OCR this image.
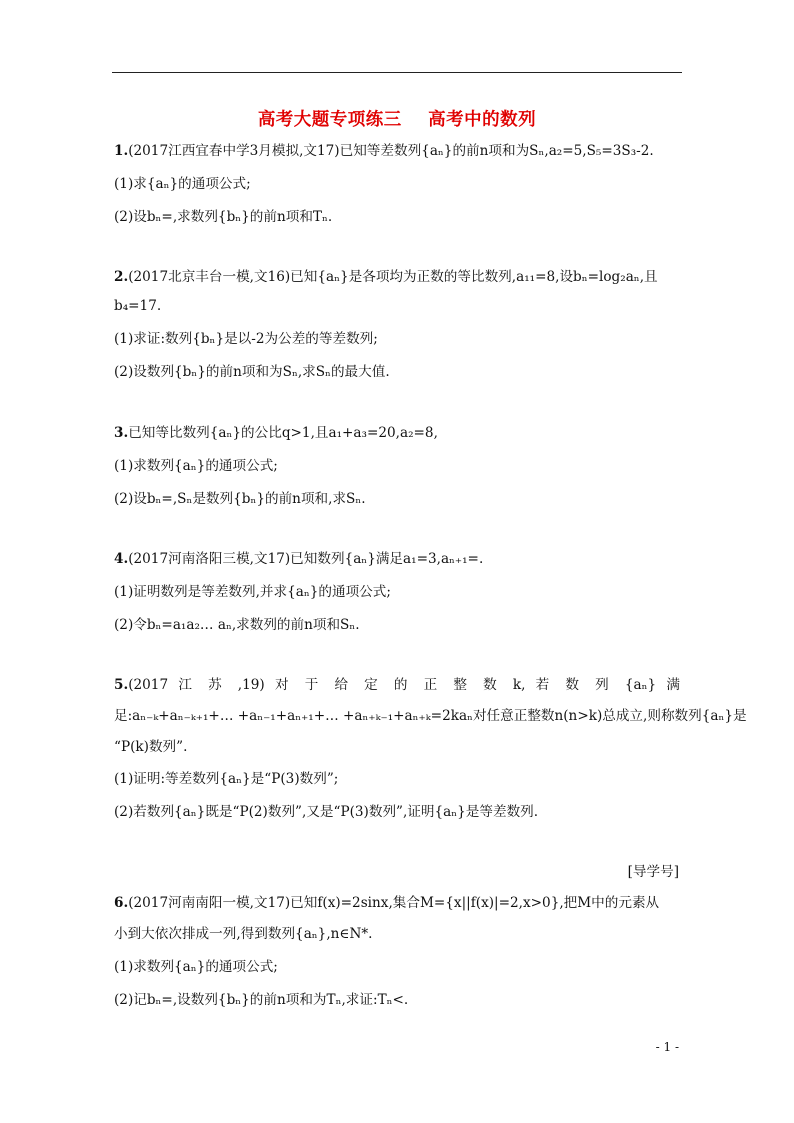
高考大题专项练三    高考中的数列
1.(2017江西宜春中学3月模拟,文17)已知等差数列{aₙ}的前n项和为Sₙ,a₂=5,S₅=3S₃-2.
(1)求{aₙ}的通项公式;
(2)设bₙ=,求数列{bₙ}的前n项和Tₙ.
2.(2017北京丰台一模,文16)已知{aₙ}是各项均为正数的等比数列,a₁₁=8,设bₙ=log₂aₙ,且
b₄=17.
(1)求证:数列{bₙ}是以-2为公差的等差数列;
(2)设数列{bₙ}的前n项和为Sₙ,求Sₙ的最大值.
3.已知等比数列{aₙ}的公比q>1,且a₁+a₃=20,a₂=8,
(1)求数列{aₙ}的通项公式;
(2)设bₙ=,Sₙ是数列{bₙ}的前n项和,求Sₙ.
4.(2017河南洛阳三模,文17)已知数列{aₙ}满足a₁=3,aₙ₊₁=.
(1)证明数列是等差数列,并求{aₙ}的通项公式;
(2)令bₙ=a₁a₂… aₙ,求数列的前n项和Sₙ.
5.(2017 江 苏 ,19) 对 于 给 定 的 正 整 数 k, 若 数 列 {aₙ} 满
足:aₙ₋ₖ+aₙ₋ₖ₊₁+… +aₙ₋₁+aₙ₊₁+… +aₙ₊ₖ₋₁+aₙ₊ₖ=2kaₙ对任意正整数n(n>k)总成立,则称数列{aₙ}是
“P(k)数列”.
(1)证明:等差数列{aₙ}是“P(3)数列”;
(2)若数列{aₙ}既是“P(2)数列”,又是“P(3)数列”,证明{aₙ}是等差数列.
[导学号]
6.(2017河南南阳一模,文17)已知f(x)=2sinx,集合M={x||f(x)|=2,x>0},把M中的元素从
小到大依次排成一列,得到数列{aₙ},n∈N*.
(1)求数列{aₙ}的通项公式;
(2)记bₙ=,设数列{bₙ}的前n项和为Tₙ,求证:Tₙ<.
- 1 -
